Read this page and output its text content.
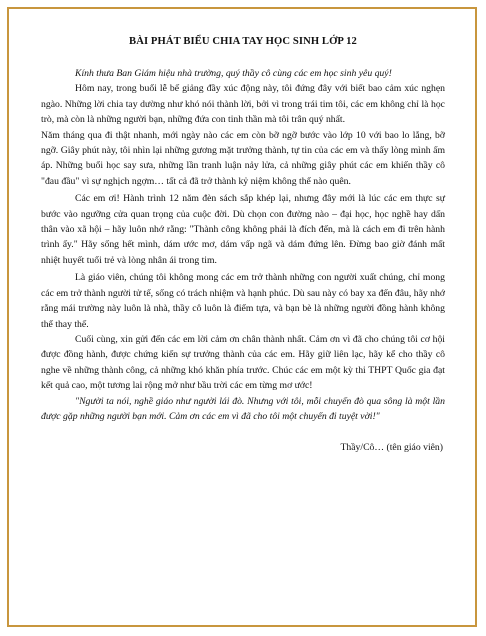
BÀI PHÁT BIỂU CHIA TAY HỌC SINH LỚP 12

Kính thưa Ban Giám hiệu nhà trường, quý thầy cô cùng các em học sinh yêu quý!

Hôm nay, trong buổi lễ bế giảng đầy xúc động này, tôi đứng đây với biết bao cảm xúc nghẹn ngào. Những lời chia tay dường như khó nói thành lời, bởi vì trong trái tim tôi, các em không chỉ là học trò, mà còn là những người bạn, những đứa con tinh thần mà tôi trân quý nhất.

Năm tháng qua đi thật nhanh, mới ngày nào các em còn bỡ ngỡ bước vào lớp 10 với bao lo lắng, bỡ ngỡ. Giây phút này, tôi nhìn lại những gương mặt trưởng thành, tự tin của các em và thấy lòng mình ấm áp. Những buổi học say sưa, những lần tranh luận nảy lửa, cả những giây phút các em khiến thầy cô "đau đầu" vì sự nghịch ngợm… tất cả đã trở thành kỷ niệm không thể nào quên.

Các em ơi! Hành trình 12 năm đèn sách sắp khép lại, nhưng đây mới là lúc các em thực sự bước vào ngưỡng cửa quan trọng của cuộc đời. Dù chọn con đường nào – đại học, học nghề hay dấn thân vào xã hội – hãy luôn nhớ rằng: "Thành công không phải là đích đến, mà là cách em đi trên hành trình ấy." Hãy sống hết mình, dám ước mơ, dám vấp ngã và dám đứng lên. Đừng bao giờ đánh mất nhiệt huyết tuổi trẻ và lòng nhân ái trong tim.

Là giáo viên, chúng tôi không mong các em trở thành những con người xuất chúng, chỉ mong các em trở thành người tử tế, sống có trách nhiệm và hạnh phúc. Dù sau này có bay xa đến đâu, hãy nhớ rằng mái trường này luôn là nhà, thầy cô luôn là điểm tựa, và bạn bè là những người đồng hành không thể thay thế.

Cuối cùng, xin gửi đến các em lời cảm ơn chân thành nhất. Cảm ơn vì đã cho chúng tôi cơ hội được đồng hành, được chứng kiến sự trưởng thành của các em. Hãy giữ liên lạc, hãy kể cho thầy cô nghe về những thành công, cả những khó khăn phía trước. Chúc các em một kỳ thi THPT Quốc gia đạt kết quả cao, một tương lai rộng mở như bầu trời các em từng mơ ước!

"Người ta nói, nghề giáo như người lái đò. Nhưng với tôi, mỗi chuyến đò qua sông là một lần được gặp những người bạn mới. Cảm ơn các em vì đã cho tôi một chuyến đi tuyệt vời!"

Thầy/Cô… (tên giáo viên)
